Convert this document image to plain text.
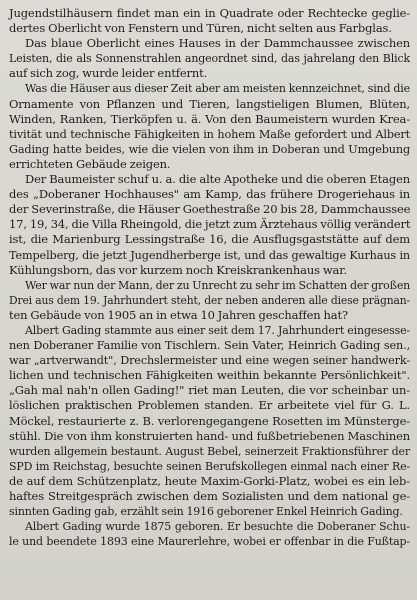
Jugendstilhäusern findet man ein in Quadrate oder Rechtecke geglie-
dertes Oberlicht von Fenstern und Türen, nicht selten aus Farbglas.
Das blaue Oberlicht eines Hauses in der Dammchaussee zwischen
Leisten, die als Sonnenstrahlen angeordnet sind, das jahrelang den Blick
auf sich zog, wurde leider entfernt.
Was die Häuser aus dieser Zeit aber am meisten kennzeichnet, sind die
Ornamente von Pflanzen und Tieren, langstieligen Blumen, Blüten,
Winden, Ranken, Tierköpfen u. ä. Von den Baumeistern wurden Krea-
tivität und technische Fähigkeiten in hohem Maße gefordert und Albert
Gading hatte beides, wie die vielen von ihm in Doberan und Umgebung
errichteten Gebäude zeigen.
Der Baumeister schuf u. a. die alte Apotheke und die oberen Etagen
des „Doberaner Hochhauses" am Kamp, das frühere Drogeriehaus in
der Severinstraße, die Häuser Goethestraße 20 bis 28, Dammchaussee
17, 19, 34, die Villa Rheingold, die jetzt zum Ärztehaus völlig verändert
ist, die Marienburg Lessingstraße 16, die Ausflugsgaststätte auf dem
Tempelberg, die jetzt Jugendherberge ist, und das gewaltige Kurhaus in
Kühlungsborn, das vor kurzem noch Kreiskrankenhaus war.
Wer war nun der Mann, der zu Unrecht zu sehr im Schatten der großen
Drei aus dem 19. Jahrhundert steht, der neben anderen alle diese prägnan-
ten Gebäude von 1905 an in etwa 10 Jahren geschaffen hat?
Albert Gading stammte aus einer seit dem 17. Jahrhundert eingesesse-
nen Doberaner Familie von Tischlern. Sein Vater, Heinrich Gading sen.,
war „artverwandt", Drechslermeister und eine wegen seiner handwerk-
lichen und technischen Fähigkeiten weithin bekannte Persönlichkeit".
„Gah mal nah'n ollen Gading!" riet man Leuten, die vor scheinbar un-
löslichen praktischen Problemen standen. Er arbeitete viel für G. L.
Möckel, restaurierte z. B. verlorengegangene Rosetten im Münsterge-
stühl. Die von ihm konstruierten hand- und fußbetriebenen Maschinen
wurden allgemein bestaunt. August Bebel, seinerzeit Fraktionsführer der
SPD im Reichstag, besuchte seinen Berufskollegen einmal nach einer Re-
de auf dem Schützenplatz, heute Maxim-Gorki-Platz, wobei es ein leb-
haftes Streitgespräch zwischen dem Sozialisten und dem national ge-
sinnten Gading gab, erzählt sein 1916 geborener Enkel Heinrich Gading.
Albert Gading wurde 1875 geboren. Er besuchte die Doberaner Schu-
le und beendete 1893 eine Maurerlehre, wobei er offenbar in die Fußtap-
